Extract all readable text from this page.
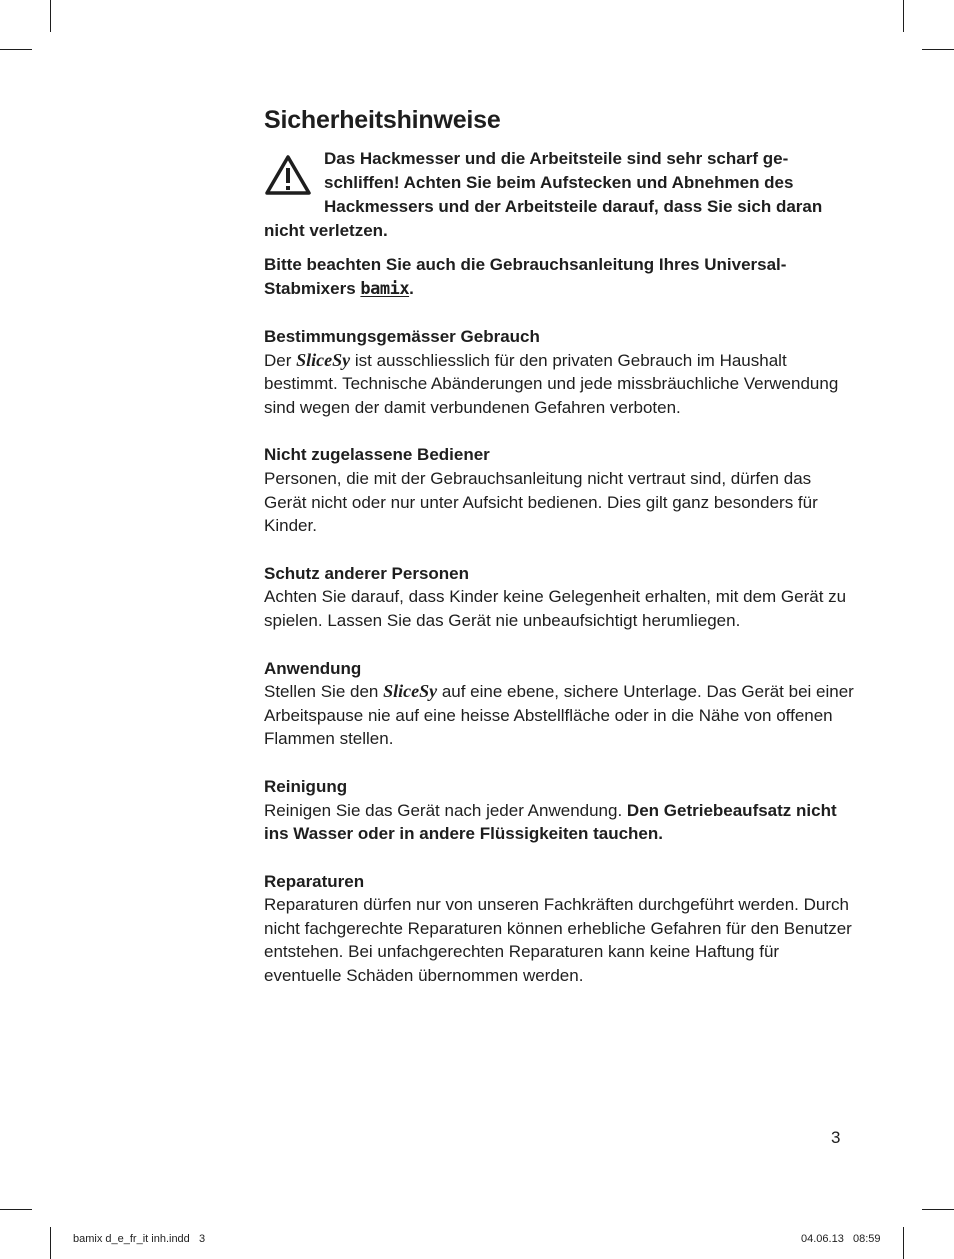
Sicherheitshinweise
Das Hackmesser und die Arbeitsteile sind sehr scharf geschliffen! Achten Sie beim Aufstecken und Abnehmen des Hackmessers und der Arbeitsteile darauf, dass Sie sich daran nicht verletzen.
Bitte beachten Sie auch die Gebrauchsanleitung Ihres Universal-Stabmixers bamix.
Bestimmungsgemässer Gebrauch

Der SliceSy ist ausschliesslich für den privaten Gebrauch im Haushalt bestimmt. Technische Abänderungen und jede missbräuchliche Verwendung sind wegen der damit verbundenen Gefahren verboten.

Nicht zugelassene Bediener

Personen, die mit der Gebrauchsanleitung nicht vertraut sind, dürfen das Gerät nicht oder nur unter Aufsicht bedienen. Dies gilt ganz besonders für Kinder.

Schutz anderer Personen

Achten Sie darauf, dass Kinder keine Gelegenheit erhalten, mit dem Gerät zu spielen. Lassen Sie das Gerät nie unbeaufsichtigt herumliegen.

Anwendung

Stellen Sie den SliceSy auf eine ebene, sichere Unterlage. Das Gerät bei einer Arbeitspause nie auf eine heisse Abstellfläche oder in die Nähe von offenen Flammen stellen.

Reinigung

Reinigen Sie das Gerät nach jeder Anwendung. Den Getriebeaufsatz nicht ins Wasser oder in andere Flüssigkeiten tauchen.

Reparaturen

Reparaturen dürfen nur von unseren Fachkräften durchgeführt werden. Durch nicht fachgerechte Reparaturen können erhebliche Gefahren für den Benutzer entstehen. Bei unfachgerechten Reparaturen kann keine Haftung für eventuelle Schäden übernommen werden.

3
bamix d_e_fr_it inh.indd   3	04.06.13   08:59
